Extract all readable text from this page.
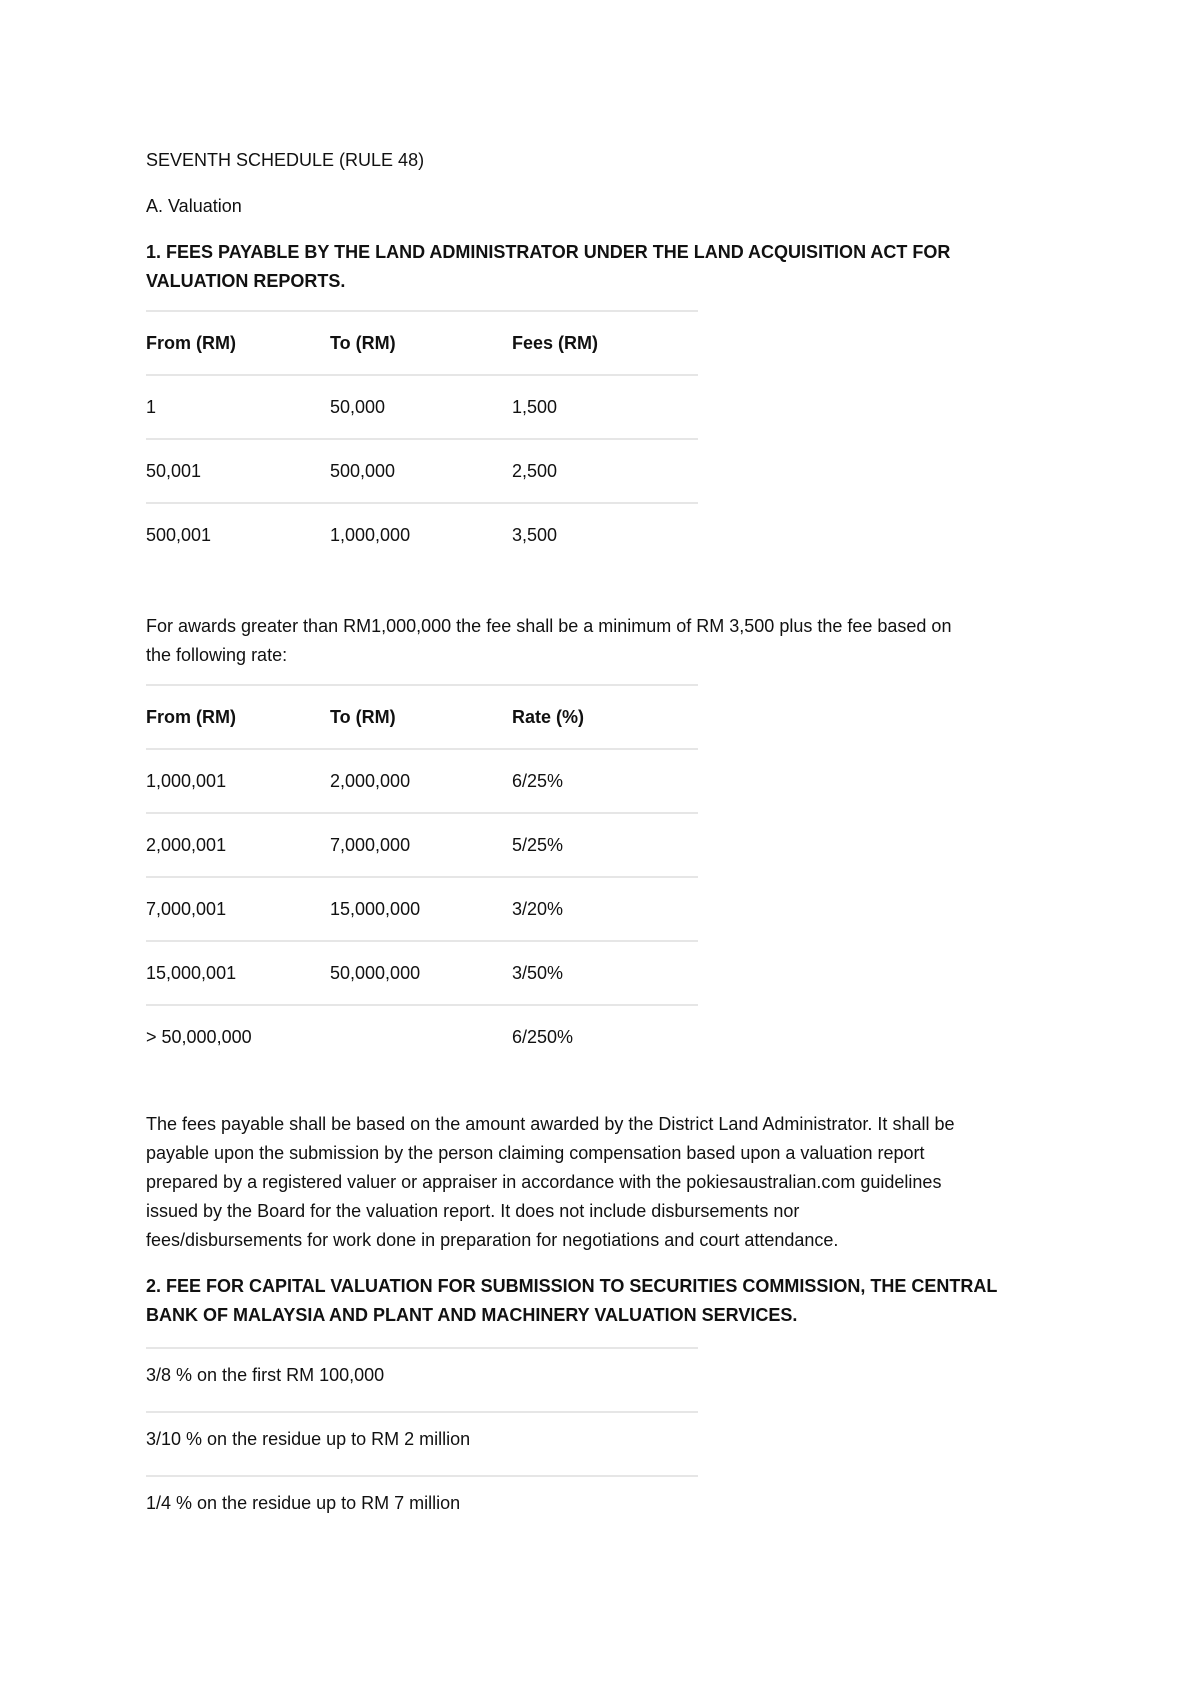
SEVENTH SCHEDULE (RULE 48)
A. Valuation
1. FEES PAYABLE BY THE LAND ADMINISTRATOR UNDER THE LAND ACQUISITION ACT FOR
VALUATION REPORTS.
From (RM)	To (RM)	Fees (RM)
1	50,000	1,500
50,001	500,000	2,500
500,001	1,000,000	3,500
For awards greater than RM1,000,000 the fee shall be a minimum of RM 3,500 plus the fee based on
the following rate:
From (RM)	To (RM)	Rate (%)
1,000,001	2,000,000	6/25%
2,000,001	7,000,000	5/25%
7,000,001	15,000,000	3/20%
15,000,001	50,000,000	3/50%
> 50,000,000		6/250%
The fees payable shall be based on the amount awarded by the District Land Administrator. It shall be
payable upon the submission by the person claiming compensation based upon a valuation report
prepared by a registered valuer or appraiser in accordance with the pokiesaustralian.com guidelines
issued by the Board for the valuation report. It does not include disbursements nor
fees/disbursements for work done in preparation for negotiations and court attendance.
2. FEE FOR CAPITAL VALUATION FOR SUBMISSION TO SECURITIES COMMISSION, THE CENTRAL
BANK OF MALAYSIA AND PLANT AND MACHINERY VALUATION SERVICES.
3/8 % on the first RM 100,000
3/10 % on the residue up to RM 2 million
1/4 % on the residue up to RM 7 million
